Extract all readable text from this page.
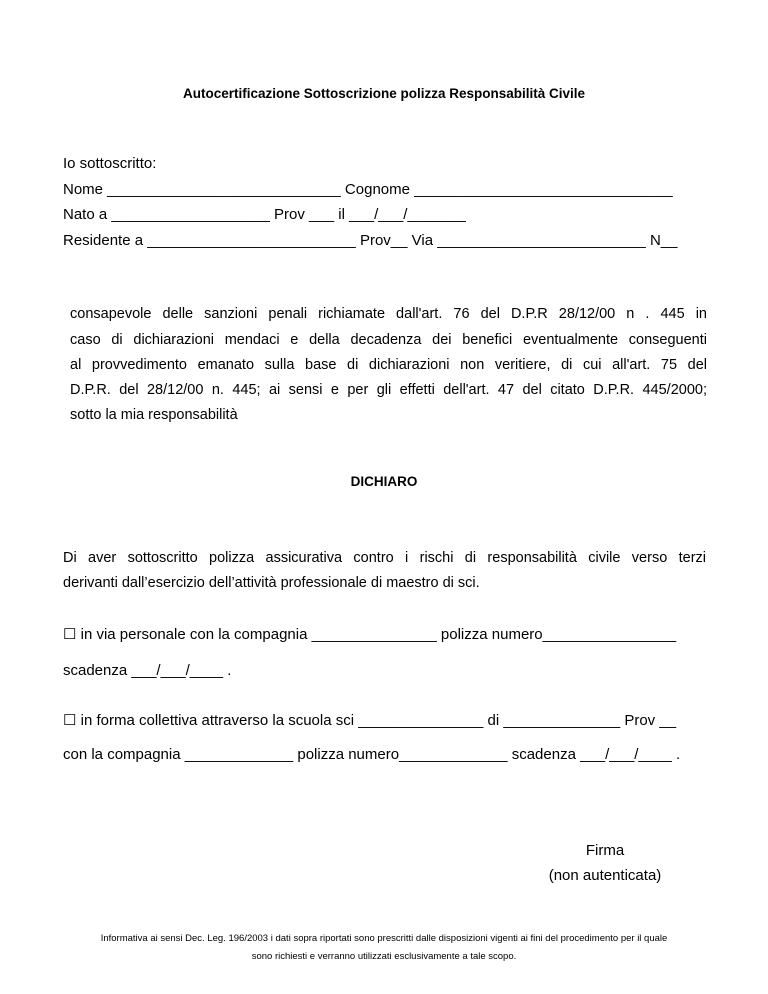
Autocertificazione Sottoscrizione polizza Responsabilità Civile
Io sottoscritto:
Nome ____________________________ Cognome _______________________________
Nato a ___________________ Prov ___ il ___/___/_______
Residente a _________________________ Prov__ Via _________________________ N__
consapevole delle sanzioni penali richiamate dall'art. 76 del D.P.R 28/12/00 n . 445 in
caso di dichiarazioni mendaci e della decadenza dei benefici eventualmente conseguenti
al provvedimento emanato sulla base di dichiarazioni non veritiere, di cui all'art. 75 del
D.P.R. del 28/12/00 n. 445; ai sensi e per gli effetti dell'art. 47 del citato D.P.R. 445/2000;
sotto la mia responsabilità
DICHIARO
Di aver sottoscritto polizza assicurativa contro i rischi di responsabilità civile verso terzi
derivanti dall’esercizio dell’attività professionale di maestro di sci.
☐ in via personale con la compagnia _______________ polizza numero________________
scadenza ___/___/____ .
☐ in forma collettiva attraverso la scuola sci _______________ di ______________ Prov __
con la compagnia _____________ polizza numero_____________ scadenza ___/___/____ .
Firma
(non autenticata)
Informativa ai sensi Dec. Leg. 196/2003 i dati sopra riportati sono prescritti dalle disposizioni vigenti ai fini del procedimento per il quale
sono richiesti e verranno utilizzati esclusivamente a tale scopo.
